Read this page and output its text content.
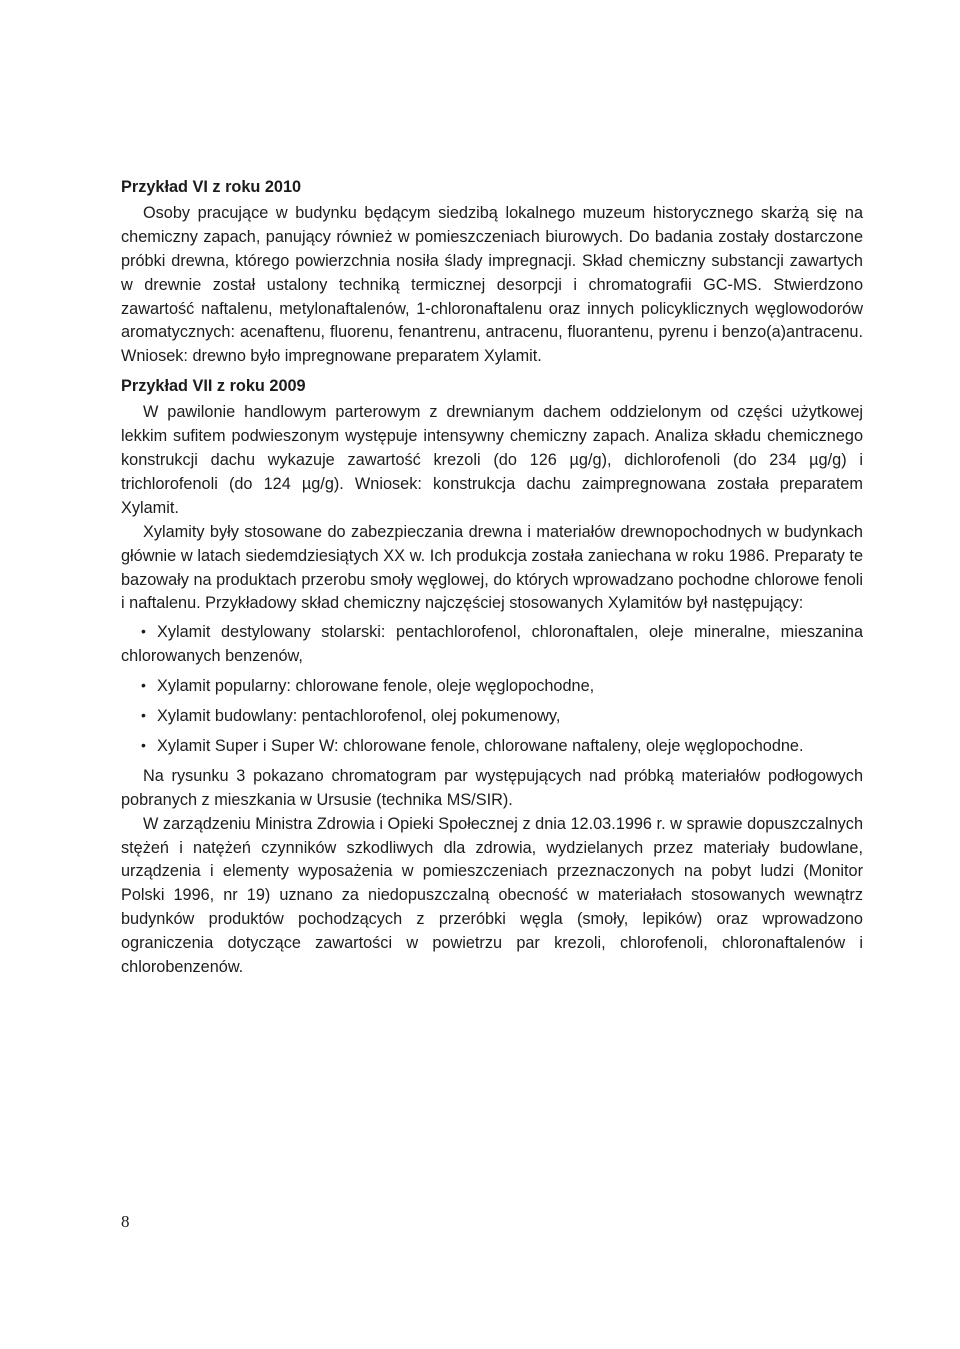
Przykład VI z roku 2010

Osoby pracujące w budynku będącym siedzibą lokalnego muzeum historycznego skarżą się na chemiczny zapach, panujący również w pomieszczeniach biurowych. Do badania zostały dostarczone próbki drewna, którego powierzchnia nosiła ślady impregnacji. Skład chemiczny substancji zawartych w drewnie został ustalony techniką termicznej desorpcji i chromatografii GC-MS. Stwierdzono zawartość naftalenu, metylonaftalenów, 1-chloronaftalenu oraz innych policyklicznych węglowodorów aromatycznych: acenaftenu, fluorenu, fenantrenu, antracenu, fluorantenu, pyrenu i benzo(a)antracenu. Wniosek: drewno było impregnowane preparatem Xylamit.

Przykład VII z roku 2009

W pawilonie handlowym parterowym z drewnianym dachem oddzielonym od części użytkowej lekkim sufitem podwieszonym występuje intensywny chemiczny zapach. Analiza składu chemicznego konstrukcji dachu wykazuje zawartość krezoli (do 126 µg/g), dichlorofenoli (do 234 µg/g) i trichlorofenoli (do 124 µg/g). Wniosek: konstrukcja dachu zaimpregnowana została preparatem Xylamit.

Xylamity były stosowane do zabezpieczania drewna i materiałów drewnopochodnych w budynkach głównie w latach siedemdziesiątych XX w. Ich produkcja została zaniechana w roku 1986. Preparaty te bazowały na produktach przerobu smoły węglowej, do których wprowadzano pochodne chlorowe fenoli i naftalenu. Przykładowy skład chemiczny najczęściej stosowanych Xylamitów był następujący:

• Xylamit destylowany stolarski: pentachlorofenol, chloronaftalen, oleje mineralne, mieszanina chlorowanych benzenów,
• Xylamit popularny: chlorowane fenole, oleje węglopochodne,
• Xylamit budowlany: pentachlorofenol, olej pokumenowy,
• Xylamit Super i Super W: chlorowane fenole, chlorowane naftaleny, oleje węglopochodne.

Na rysunku 3 pokazano chromatogram par występujących nad próbką materiałów podłogowych pobranych z mieszkania w Ursusie (technika MS/SIR).

W zarządzeniu Ministra Zdrowia i Opieki Społecznej z dnia 12.03.1996 r. w sprawie dopuszczalnych stężeń i natężeń czynników szkodliwych dla zdrowia, wydzielanych przez materiały budowlane, urządzenia i elementy wyposażenia w pomieszczeniach przeznaczonych na pobyt ludzi (Monitor Polski 1996, nr 19) uznano za niedopuszczalną obecność w materiałach stosowanych wewnątrz budynków produktów pochodzących z przeróbki węgla (smoły, lepików) oraz wprowadzono ograniczenia dotyczące zawartości w powietrzu par krezoli, chlorofenoli, chloronaftalenów i chlorobenzenów.

8
